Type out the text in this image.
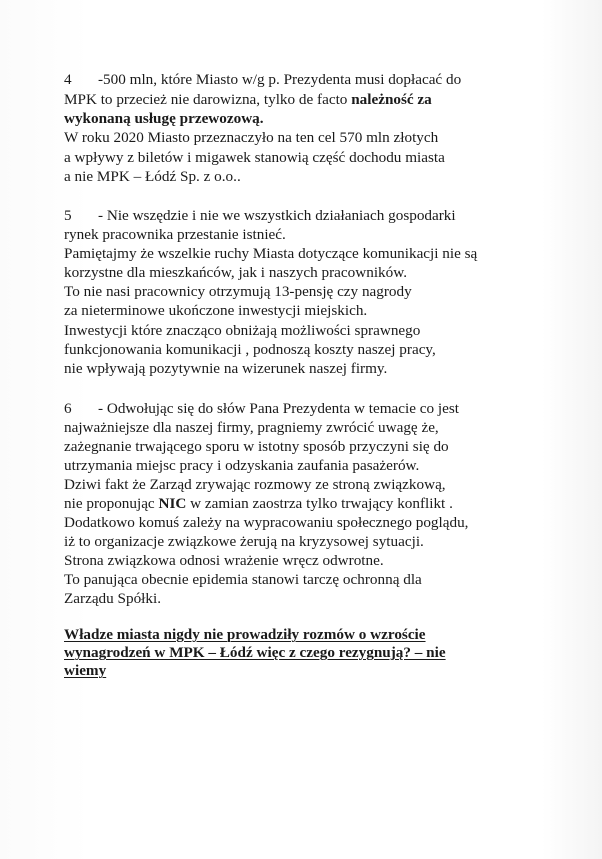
4 -500 mln, które Miasto w/g p. Prezydenta musi dopłacać do

MPK to przecież nie darowizna, tylko de facto należność za

wykonaną usługę przewozową.

W roku 2020 Miasto przeznaczyło na ten cel 570 mln złotych

a wpływy z biletów i migawek stanowią część dochodu miasta

a nie MPK – Łódź Sp. z o.o..

5 - Nie wszędzie i nie we wszystkich działaniach gospodarki

rynek pracownika przestanie istnieć.

Pamiętajmy że wszelkie ruchy Miasta dotyczące komunikacji nie są

korzystne dla mieszkańców, jak i naszych pracowników.

To nie nasi pracownicy otrzymują 13-pensję czy nagrody

za nieterminowe ukończone inwestycji miejskich.

Inwestycji które znacząco obniżają możliwości sprawnego

funkcjonowania komunikacji , podnoszą koszty naszej pracy,

nie wpływają pozytywnie na wizerunek naszej firmy.

6 - Odwołując się do słów Pana Prezydenta w temacie co jest

najważniejsze dla naszej firmy, pragniemy zwrócić uwagę że,

zażegnanie trwającego sporu w istotny sposób przyczyni się do

utrzymania miejsc pracy i odzyskania zaufania pasażerów.

Dziwi fakt że Zarząd zrywając rozmowy ze stroną związkową,

nie proponując NIC w zamian zaostrza tylko trwający konflikt .

Dodatkowo komuś zależy na wypracowaniu społecznego poglądu,

iż to organizacje związkowe żerują na kryzysowej sytuacji.

Strona związkowa odnosi wrażenie wręcz odwrotne.

To panująca obecnie epidemia stanowi tarczę ochronną dla

Zarządu Spółki.

Władze miasta nigdy nie prowadziły rozmów o wzroście

wynagrodzeń w MPK – Łódź więc z czego rezygnują? – nie

wiemy
